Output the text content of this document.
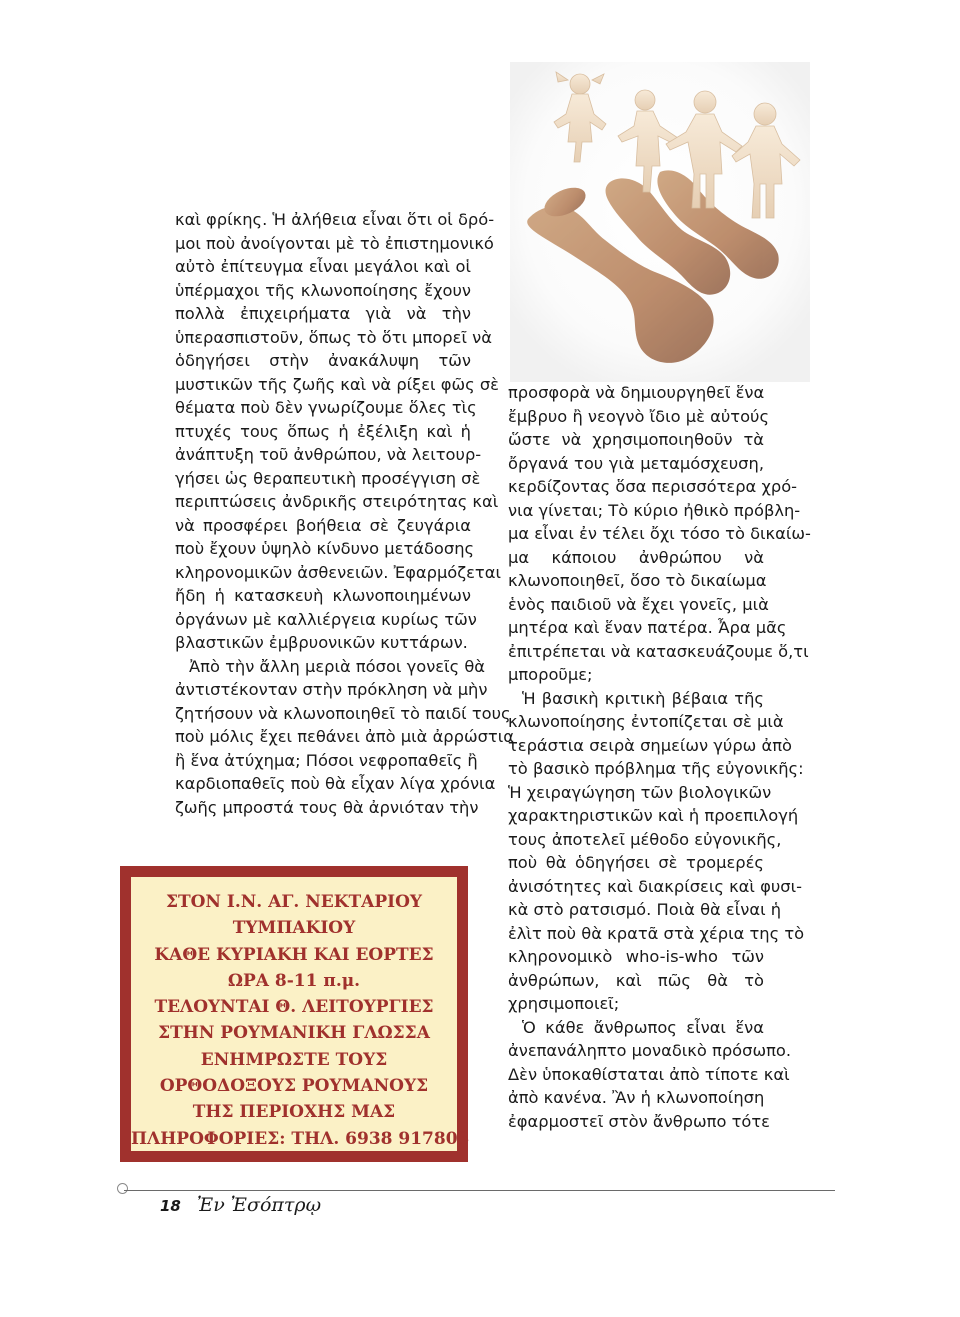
καὶ φρίκης. Ἡ ἀλήθεια εἶναι ὅτι οἱ δρό-
μοι ποὺ ἀνοίγονται μὲ τὸ ἐπιστημονικό
αὐτὸ ἐπίτευγμα εἶναι μεγάλοι καὶ οἱ
ὑπέρμαχοι τῆς κλωνοποίησης ἔχουν
πολλὰ ἐπιχειρήματα γιὰ νὰ τὴν
ὑπερασπιστοῦν, ὅπως τὸ ὅτι μπορεῖ νὰ
ὁδηγήσει στὴν ἀνακάλυψη τῶν
μυστικῶν τῆς ζωῆς καὶ νὰ ρίξει φῶς σὲ
θέματα ποὺ δὲν γνωρίζουμε ὅλες τὶς
πτυχές τους ὅπως ἡ ἐξέλιξη καὶ ἡ
ἀνάπτυξη τοῦ ἀνθρώπου, νὰ λειτουρ-
γήσει ὡς θεραπευτικὴ προσέγγιση σὲ
περιπτώσεις ἀνδρικῆς στειρότητας καὶ
νὰ προσφέρει βοήθεια σὲ ζευγάρια
ποὺ ἔχουν ὑψηλὸ κίνδυνο μετάδοσης
κληρονομικῶν ἀσθενειῶν. Ἐφαρμόζεται
ἤδη ἡ κατασκευὴ κλωνοποιημένων
ὀργάνων μὲ καλλιέργεια κυρίως τῶν
βλαστικῶν ἐμβρυονικῶν κυττάρων.
Ἀπὸ τὴν ἄλλη μεριὰ πόσοι γονεῖς θὰ
ἀντιστέκονταν στὴν πρόκληση νὰ μὴν
ζητήσουν νὰ κλωνοποιηθεῖ τὸ παιδί τους
ποὺ μόλις ἔχει πεθάνει ἀπὸ μιὰ ἀρρώστια
ἢ ἕνα ἀτύχημα; Πόσοι νεφροπαθεῖς ἢ
καρδιοπαθεῖς ποὺ θὰ εἶχαν λίγα χρόνια
ζωῆς μπροστά τους θὰ ἀρνιόταν τὴν
προσφορὰ νὰ δημιουργηθεῖ ἕνα
ἔμβρυο ἢ νεογνὸ ἴδιο μὲ αὐτούς
ὥστε νὰ χρησιμοποιηθοῦν τὰ
ὄργανά του γιὰ μεταμόσχευση,
κερδίζοντας ὅσα περισσότερα χρό-
νια γίνεται; Τὸ κύριο ἠθικὸ πρόβλη-
μα εἶναι ἐν τέλει ὄχι τόσο τὸ δικαίω-
μα κάποιου ἀνθρώπου νὰ
κλωνοποιηθεῖ, ὅσο τὸ δικαίωμα
ἑνὸς παιδιοῦ νὰ ἔχει γονεῖς, μιὰ
μητέρα καὶ ἕναν πατέρα. Ἆρα μᾶς
ἐπιτρέπεται νὰ κατασκευάζουμε ὅ,τι
μποροῦμε;
Ἡ βασικὴ κριτικὴ βέβαια τῆς
κλωνοποίησης ἐντοπίζεται σὲ μιὰ
τεράστια σειρὰ σημείων γύρω ἀπὸ
τὸ βασικὸ πρόβλημα τῆς εὐγονικῆς:
Ἡ χειραγώγηση τῶν βιολογικῶν
χαρακτηριστικῶν καὶ ἡ προεπιλογή
τους ἀποτελεῖ μέθοδο εὐγονικῆς,
ποὺ θὰ ὁδηγήσει σὲ τρομερές
ἀνισότητες καὶ διακρίσεις καὶ φυσι-
κὰ στὸ ρατσισμό. Ποιὰ θὰ εἶναι ἡ
ἐλὶτ ποὺ θὰ κρατᾶ στὰ χέρια της τὸ
κληρονομικὸ who-is-who τῶν
ἀνθρώπων, καὶ πῶς θὰ τὸ
χρησιμοποιεῖ;
Ὁ κάθε ἄνθρωπος εἶναι ἕνα
ἀνεπανάληπτο μοναδικὸ πρόσωπο.
Δὲν ὑποκαθίσταται ἀπὸ τίποτε καὶ
ἀπὸ κανένα. Ἂν ἡ κλωνοποίηση
ἐφαρμοστεῖ στὸν ἄνθρωπο τότε
ΣΤΟΝ Ι.Ν. ΑΓ. ΝΕΚΤΑΡΙΟΥ
ΤΥΜΠΑΚΙΟΥ
ΚΑΘΕ ΚΥΡΙΑΚΗ ΚΑΙ ΕΟΡΤΕΣ
ΩΡΑ 8-11 π.μ.
ΤΕΛΟΥΝΤΑΙ Θ. ΛΕΙΤΟΥΡΓΙΕΣ
ΣΤΗΝ ΡΟΥΜΑΝΙΚΗ ΓΛΩΣΣΑ
ΕΝΗΜΡΩΣΤΕ ΤΟΥΣ
ΟΡΘΟΔΟΞΟΥΣ ΡΟΥΜΑΝΟΥΣ
ΤΗΣ ΠΕΡΙΟΧΗΣ ΜΑΣ
ΠΛΗΡΟΦΟΡΙΕΣ: ΤΗΛ. 6938 917803
18 Ἐν Ἐσόπτρῳ
